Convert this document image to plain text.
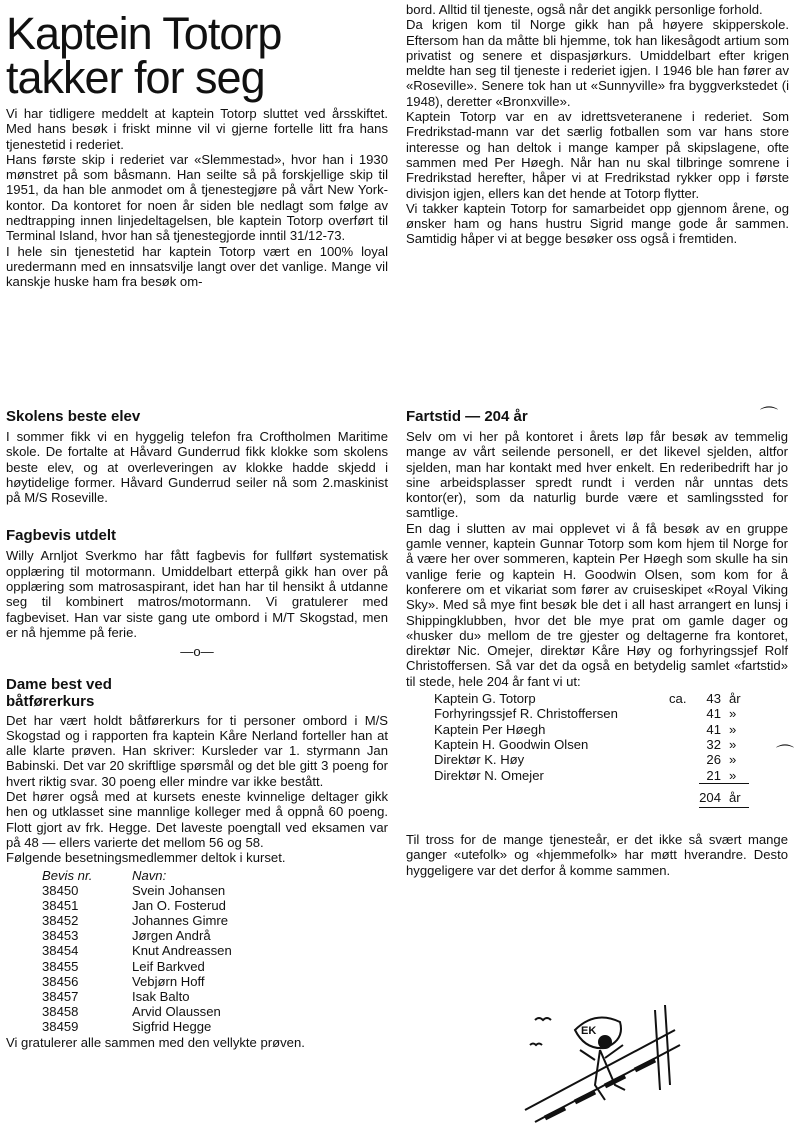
Kaptein Totorp
takker for seg

Vi har tidligere meddelt at kaptein Totorp sluttet ved årsskiftet. Med hans besøk i friskt minne vil vi gjerne fortelle litt fra hans tjenestetid i rederiet.

Hans første skip i rederiet var «Slemmestad», hvor han i 1930 mønstret på som båsmann. Han seilte så på forskjellige skip til 1951, da han ble anmodet om å tjenestegjøre på vårt New York-kontor. Da kontoret for noen år siden ble nedlagt som følge av nedtrapping innen linjedeltagelsen, ble kaptein Totorp overført til Terminal Island, hvor han så tjenestegjorde inntil 31/12-73.

I hele sin tjenestetid har kaptein Totorp vært en 100% loyal uredermann med en innsatsvilje langt over det vanlige. Mange vil kanskje huske ham fra besøk om-

bord. Alltid til tjeneste, også når det angikk personlige forhold.

Da krigen kom til Norge gikk han på høyere skipperskole. Eftersom han da måtte bli hjemme, tok han likesågodt artium som privatist og senere et dispasjørkurs. Umiddelbart efter krigen meldte han seg til tjeneste i rederiet igjen. I 1946 ble han fører av «Roseville». Senere tok han ut «Sunnyville» fra byggverkstedet (i 1948), deretter «Bronxville».

Kaptein Totorp var en av idrettsveteranene i rederiet. Som Fredrikstad-mann var det særlig fotballen som var hans store interesse og han deltok i mange kamper på skipslagene, ofte sammen med Per Høegh. Når han nu skal tilbringe somrene i Fredrikstad herefter, håper vi at Fredrikstad rykker opp i første divisjon igjen, ellers kan det hende at Totorp flytter.

Vi takker kaptein Totorp for samarbeidet opp gjennom årene, og ønsker ham og hans hustru Sigrid mange gode år sammen. Samtidig håper vi at begge besøker oss også i fremtiden.

Skolens beste elev

I sommer fikk vi en hyggelig telefon fra Croftholmen Maritime skole. De fortalte at Håvard Gunderrud fikk klokke som skolens beste elev, og at overleveringen av klokke hadde skjedd i høytidelige former. Håvard Gunderrud seiler nå som 2.maskinist på M/S Roseville.

Fagbevis utdelt

Willy Arnljot Sverkmo har fått fagbevis for fullført systematisk opplæring til motormann. Umiddelbart etterpå gikk han over på opplæring som matrosaspirant, idet han har til hensikt å utdanne seg til kombinert matros/motormann. Vi gratulerer med fagbeviset. Han var siste gang ute ombord i M/T Skogstad, men er nå hjemme på ferie.

—o—
Dame best ved
båtførerkurs

Det har vært holdt båtførerkurs for ti personer ombord i M/S Skogstad og i rapporten fra kaptein Kåre Nerland forteller han at alle klarte prøven. Han skriver: Kursleder var 1. styrmann Jan Babinski. Det var 20 skriftlige spørsmål og det ble gitt 3 poeng for hvert riktig svar. 30 poeng eller mindre var ikke bestått.

Det hører også med at kursets eneste kvinnelige deltager gikk hen og utklasset sine mannlige kolleger med å oppnå 60 poeng. Flott gjort av frk. Hegge. Det laveste poengtall ved eksamen var på 48 — ellers varierte det mellom 56 og 58.

Følgende besetningsmedlemmer deltok i kurset.

Bevis nr.	Navn:
38450	Svein Johansen
38451	Jan O. Fosterud
38452	Johannes Gimre
38453	Jørgen Andrå
38454	Knut Andreassen
38455	Leif Barkved
38456	Vebjørn Hoff
38457	Isak Balto
38458	Arvid Olaussen
38459	Sigfrid Hegge

Vi gratulerer alle sammen med den vellykte prøven.

Fartstid — 204 år

Selv om vi her på kontoret i årets løp får besøk av temmelig mange av vårt seilende personell, er det likevel sjelden, altfor sjelden, man har kontakt med hver enkelt. En rederibedrift har jo sine arbeidsplasser spredt rundt i verden når unntas dets kontor(er), som da naturlig burde være et samlingssted for samtlige.

En dag i slutten av mai opplevet vi å få besøk av en gruppe gamle venner, kaptein Gunnar Totorp som kom hjem til Norge for å være her over sommeren, kaptein Per Høegh som skulle ha sin vanlige ferie og kaptein H. Goodwin Olsen, som kom for å konferere om et vikariat som fører av cruiseskipet «Royal Viking Sky». Med så mye fint besøk ble det i all hast arrangert en lunsj i Shippingklubben, hvor det ble mye prat om gamle dager og «husker du» mellom de tre gjester og deltagerne fra kontoret, direktør Nic. Omejer, direktør Kåre Høy og forhyringssjef Rolf Christoffersen. Så var det da også en betydelig samlet «fartstid» til stede, hele 204 år fant vi ut:

Kaptein G. Totorp	ca.	43	år
Forhyringssjef R. Christoffersen		41	»
Kaptein Per Høegh		41	»
Kaptein H. Goodwin Olsen		32	»
Direktør K. Høy		26	»
Direktør N. Omejer		21	»
		204	år

Til tross for de mange tjenesteår, er det ikke så svært mange ganger «utefolk» og «hjemmefolk» har møtt hverandre. Desto hyggeligere var det derfor å komme sammen.

⌒
⌒
EK
